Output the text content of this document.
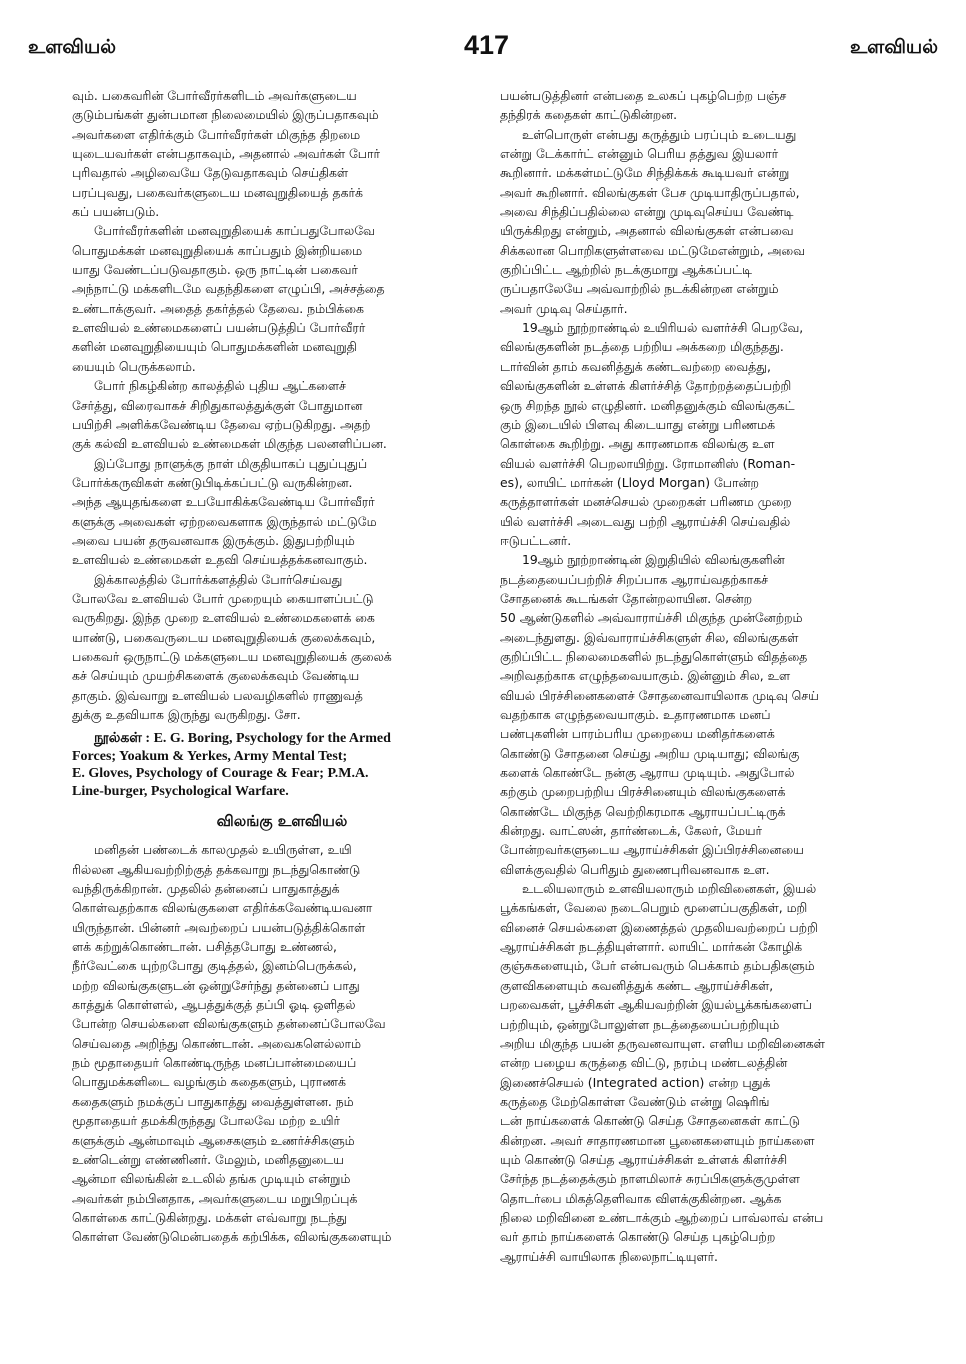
உளவியல்	417	உளவியல்
வும். பகைவரின் போர்வீரர்களிடம் அவர்களுடைய
குடும்பங்கள் துன்பமான நிலைமையில் இருப்பதாகவும்
அவர்களை எதிர்க்கும் போர்வீரர்கள் மிகுந்த திறமை
யுடையவர்கள் என்பதாகவும், அதனால் அவர்கள் போர்
புரிவதால் அழிவையே தேடுவதாகவும் செய்திகள்
பரப்புவது, பகைவர்களுடைய மனவுறுதியைத் தகர்க்
கப் பயன்படும்.
போர்வீரர்களின் மனவுறுதியைக் காப்பதுபோலவே
பொதுமக்கள் மனவுறுதியைக் காப்பதும் இன்றியமை
யாது வேண்டப்படுவதாகும். ஒரு நாட்டின் பகைவர்
அந்நாட்டு மக்களிடமே வதந்திகளை எழுப்பி, அச்சத்தை
உண்டாக்குவர். அதைத் தகர்த்தல் தேவை. நம்பிக்கை
உளவியல் உண்மைகளைப் பயன்படுத்திப் போர்வீரர்
களின் மனவுறுதியையும் பொதுமக்களின் மனவுறுதி
யையும் பெருக்கலாம்.
போர் நிகழ்கின்ற காலத்தில் புதிய ஆட்களைச்
சேர்த்து, விரைவாகச் சிறிதுகாலத்துக்குள் போதுமான
பயிற்சி அளிக்கவேண்டிய தேவை ஏற்படுகிறது. அதற்
குக் கல்வி உளவியல் உண்மைகள் மிகுந்த பலனளிப்பன.
இப்போது நாளுக்கு நாள் மிகுதியாகப் புதுப்புதுப்
போர்க்கருவிகள் கண்டுபிடிக்கப்பட்டு வருகின்றன.
அந்த ஆயுதங்களை உபயோகிக்கவேண்டிய போர்வீரர்
களுக்கு அவைகள் ஏற்றவைகளாக இருந்தால் மட்டுமே
அவை பயன் தருவனவாக இருக்கும். இதுபற்றியும்
உளவியல் உண்மைகள் உதவி செய்யத்தக்கனவாகும்.
இக்காலத்தில் போர்க்களத்தில் போர்செய்வது
போலவே உளவியல் போர் முறையும் கையாளப்பட்டு
வருகிறது. இந்த முறை உளவியல் உண்மைகளைக் கை
யாண்டு, பகைவருடைய மனவுறுதியைக் குலைக்கவும்,
பகைவர் ஒருநாட்டு மக்களுடைய மனவுறுதியைக் குலைக்
கச் செய்யும் முயற்சிகளைக் குலைக்கவும் வேண்டிய
தாகும். இவ்வாறு உளவியல் பலவழிகளில் ராணுவத்
துக்கு உதவியாக இருந்து வருகிறது. சோ.
நூல்கள் : E. G. Boring, Psychology for the Armed
Forces; Yoakum & Yerkes, Army Mental Test;
E. Gloves, Psychology of Courage & Fear; P.M.A.
Line-burger, Psychological Warfare.
விலங்கு உளவியல்
மனிதன் பண்டைக் காலமுதல் உயிருள்ள, உயி
ரில்லன ஆகியவற்றிற்குத் தக்கவாறு நடந்துகொண்டு
வந்திருக்கிறான். முதலில் தன்னைப் பாதுகாத்துக்
கொள்வதற்காக விலங்குகளை எதிர்க்கவேண்டியவனா
யிருந்தான். பின்னர் அவற்றைப் பயன்படுத்திக்கொள்
ளக் கற்றுக்கொண்டான். பசித்தபோது உண்ணல்,
நீர்வேட்கை யுற்றபோது குடித்தல், இனம்பெருக்கல்,
மற்ற விலங்குகளுடன் ஒன்றுசேர்ந்து தன்னைப் பாது
காத்துக் கொள்ளல், ஆபத்துக்குத் தப்பி ஓடி ஒளிதல்
போன்ற செயல்களை விலங்குகளும் தன்னைப்போலவே
செய்வதை அறிந்து கொண்டான். அவைகளெல்லாம்
நம் மூதாதையர் கொண்டிருந்த மனப்பான்மையைப்
பொதுமக்களிடை வழங்கும் கதைகளும், புராணக்
கதைகளும் நமக்குப் பாதுகாத்து வைத்துள்ளன. நம்
மூதாதையர் தமக்கிருந்தது போலவே மற்ற உயிர்
களுக்கும் ஆன்மாவும் ஆசைகளும் உணர்ச்சிகளும்
உண்டென்று எண்ணினர். மேலும், மனிதனுடைய
ஆன்மா விலங்கின் உடலில் தங்க முடியும் என்றும்
அவர்கள் நம்பினதாக, அவர்களுடைய மறுபிறப்புக்
கொள்கை காட்டுகின்றது. மக்கள் எவ்வாறு நடந்து
கொள்ள வேண்டுமென்பதைக் கற்பிக்க, விலங்குகளையும்
பயன்படுத்தினர் என்பதை உலகப் புகழ்பெற்ற பஞ்ச
தந்திரக் கதைகள் காட்டுகின்றன.
உள்பொருள் என்பது கருத்தும் பரப்பும் உடையது
என்று டேக்கார்ட் என்னும் பெரிய தத்துவ இயலார்
கூறினார். மக்கள்மட்டுமே சிந்திக்கக் கூடியவர் என்று
அவர் கூறினார். விலங்குகள் பேச முடியாதிருப்பதால்,
அவை சிந்திப்பதில்லை என்று முடிவுசெய்ய வேண்டி
யிருக்கிறது என்றும், அதனால் விலங்குகள் என்பவை
சிக்கலான பொறிகளுள்ளவை மட்டுமேஎன்றும், அவை
குறிப்பிட்ட ஆற்றில் நடக்குமாறு ஆக்கப்பட்டி
ருப்பதாலேயே அவ்வாற்றில் நடக்கின்றன என்றும்
அவர் முடிவு செய்தார்.
19ஆம் நூற்றாண்டில் உயிரியல் வளர்ச்சி பெறவே,
விலங்குகளின் நடத்தை பற்றிய அக்கறை மிகுந்தது.
டார்வின் தாம் கவனித்துக் கண்டவற்றை வைத்து,
விலங்குகளின் உள்ளக் கிளர்ச்சித் தோற்றத்தைப்பற்றி
ஒரு சிறந்த நூல் எழுதினர். மனிதனுக்கும் விலங்குகட்
கும் இடையில் பிளவு கிடையாது என்று பரிணமக்
கொள்கை கூறிற்று. அது காரணமாக விலங்கு உள
வியல் வளர்ச்சி பெறலாயிற்று. ரோமானிஸ் (Roman-
es), லாயிட் மார்கன் (Lloyd Morgan) போன்ற
கருத்தாளர்கள் மனச்செயல் முறைகள் பரிணம முறை
யில் வளர்ச்சி அடைவது பற்றி ஆராய்ச்சி செய்வதில்
ஈடுபட்டனர்.
19ஆம் நூற்றாண்டின் இறுதியில் விலங்குகளின்
நடத்தையைப்பற்றிச் சிறப்பாக ஆராய்வதற்காகச்
சோதனைக் கூடங்கள் தோன்றலாயின. சென்ற
50 ஆண்டுகளில் அவ்வாராய்ச்சி மிகுந்த முன்னேற்றம்
அடைந்துளது. இவ்வாராய்ச்சிகளுள் சில, விலங்குகள்
குறிப்பிட்ட நிலைமைகளில் நடந்துகொள்ளும் விதத்தை
அறிவதற்காக எழுந்தவையாகும். இன்னும் சில, உள
வியல் பிரச்சினைகளைச் சோதனைவாயிலாக முடிவு செய்
வதற்காக எழுந்தவையாகும். உதாரணமாக மனப்
பண்புகளின் பாரம்பரிய முறையை மனிதர்களைக்
கொண்டு சோதனை செய்து அறிய முடியாது; விலங்கு
களைக் கொண்டே நன்கு ஆராய முடியும். அதுபோல்
கற்கும் முறைபற்றிய பிரச்சினையும் விலங்குகளைக்
கொண்டே மிகுந்த வெற்றிகரமாக ஆராயப்பட்டிருக்
கின்றது. வாட்ஸன், தார்ண்டைக், கேலர், மேயர்
போன்றவர்களுடைய ஆராய்ச்சிகள் இப்பிரச்சினையை
விளக்குவதில் பெரிதும் துணைபுரிவனவாக உள.
உடலியலாரும் உளவியலாரும் மறிவினைகள், இயல்
பூக்கங்கள், வேலை நடைபெறும் மூளைப்பகுதிகள், மறி
வினைச் செயல்களை இணைத்தல் முதலியவற்றைப் பற்றி
ஆராய்ச்சிகள் நடத்தியுள்ளார். லாயிட் மார்கன் கோழிக்
குஞ்சுகளையும், பேர் என்பவரும் பெக்காம் தம்பதிகளும்
குளவிகளையும் கவனித்துக் கண்ட ஆராய்ச்சிகள்,
பறவைகள், பூச்சிகள் ஆகியவற்றின் இயல்பூக்கங்களைப்
பற்றியும், ஒன்றுபோலுள்ள நடத்தையைப்பற்றியும்
அறிய மிகுந்த பயன் தருவனவாயுள. எளிய மறிவினைகள்
என்ற பழைய கருத்தை விட்டு, நரம்பு மண்டலத்தின்
இணைச்செயல் (Integrated action) என்ற புதுக்
கருத்தை மேற்கொள்ள வேண்டும் என்று ஷெரிங்
டன் நாய்களைக் கொண்டு செய்த சோதனைகள் காட்டு
கின்றன. அவர் சாதாரணமான பூனைகளையும் நாய்களை
யும் கொண்டு செய்த ஆராய்ச்சிகள் உள்ளக் கிளர்ச்சி
சேர்ந்த நடத்தைக்கும் நாளமிலாச் சுரப்பிகளுக்குமுள்ள
தொடர்பை மிகத்தெளிவாக விளக்குகின்றன. ஆக்க
நிலை மறிவினை உண்டாக்கும் ஆற்றைப் பாவ்லாவ் என்ப
வர் தாம் நாய்களைக் கொண்டு செய்த புகழ்பெற்ற
ஆராய்ச்சி வாயிலாக நிலைநாட்டியுளர்.
